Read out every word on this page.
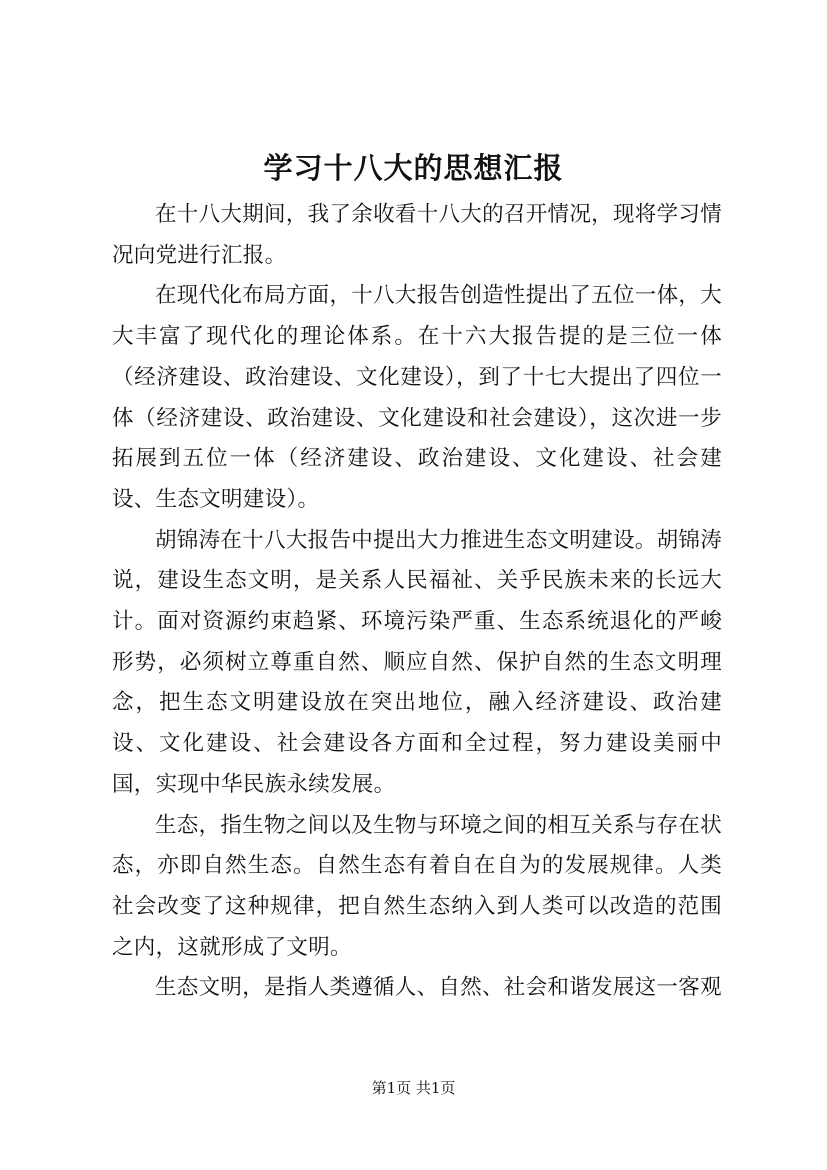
学习十八大的思想汇报

在十八大期间，我了余收看十八大的召开情况，现将学习情况向党进行汇报。

在现代化布局方面，十八大报告创造性提出了五位一体，大大丰富了现代化的理论体系。在十六大报告提的是三位一体（经济建设、政治建设、文化建设），到了十七大提出了四位一体（经济建设、政治建设、文化建设和社会建设），这次进一步拓展到五位一体（经济建设、政治建设、文化建设、社会建设、生态文明建设）。

胡锦涛在十八大报告中提出大力推进生态文明建设。胡锦涛说，建设生态文明，是关系人民福祉、关乎民族未来的长远大计。面对资源约束趋紧、环境污染严重、生态系统退化的严峻形势，必须树立尊重自然、顺应自然、保护自然的生态文明理念，把生态文明建设放在突出地位，融入经济建设、政治建设、文化建设、社会建设各方面和全过程，努力建设美丽中国，实现中华民族永续发展。

生态，指生物之间以及生物与环境之间的相互关系与存在状态，亦即自然生态。自然生态有着自在自为的发展规律。人类社会改变了这种规律，把自然生态纳入到人类可以改造的范围之内，这就形成了文明。

生态文明，是指人类遵循人、自然、社会和谐发展这一客观

第1页 共1页
